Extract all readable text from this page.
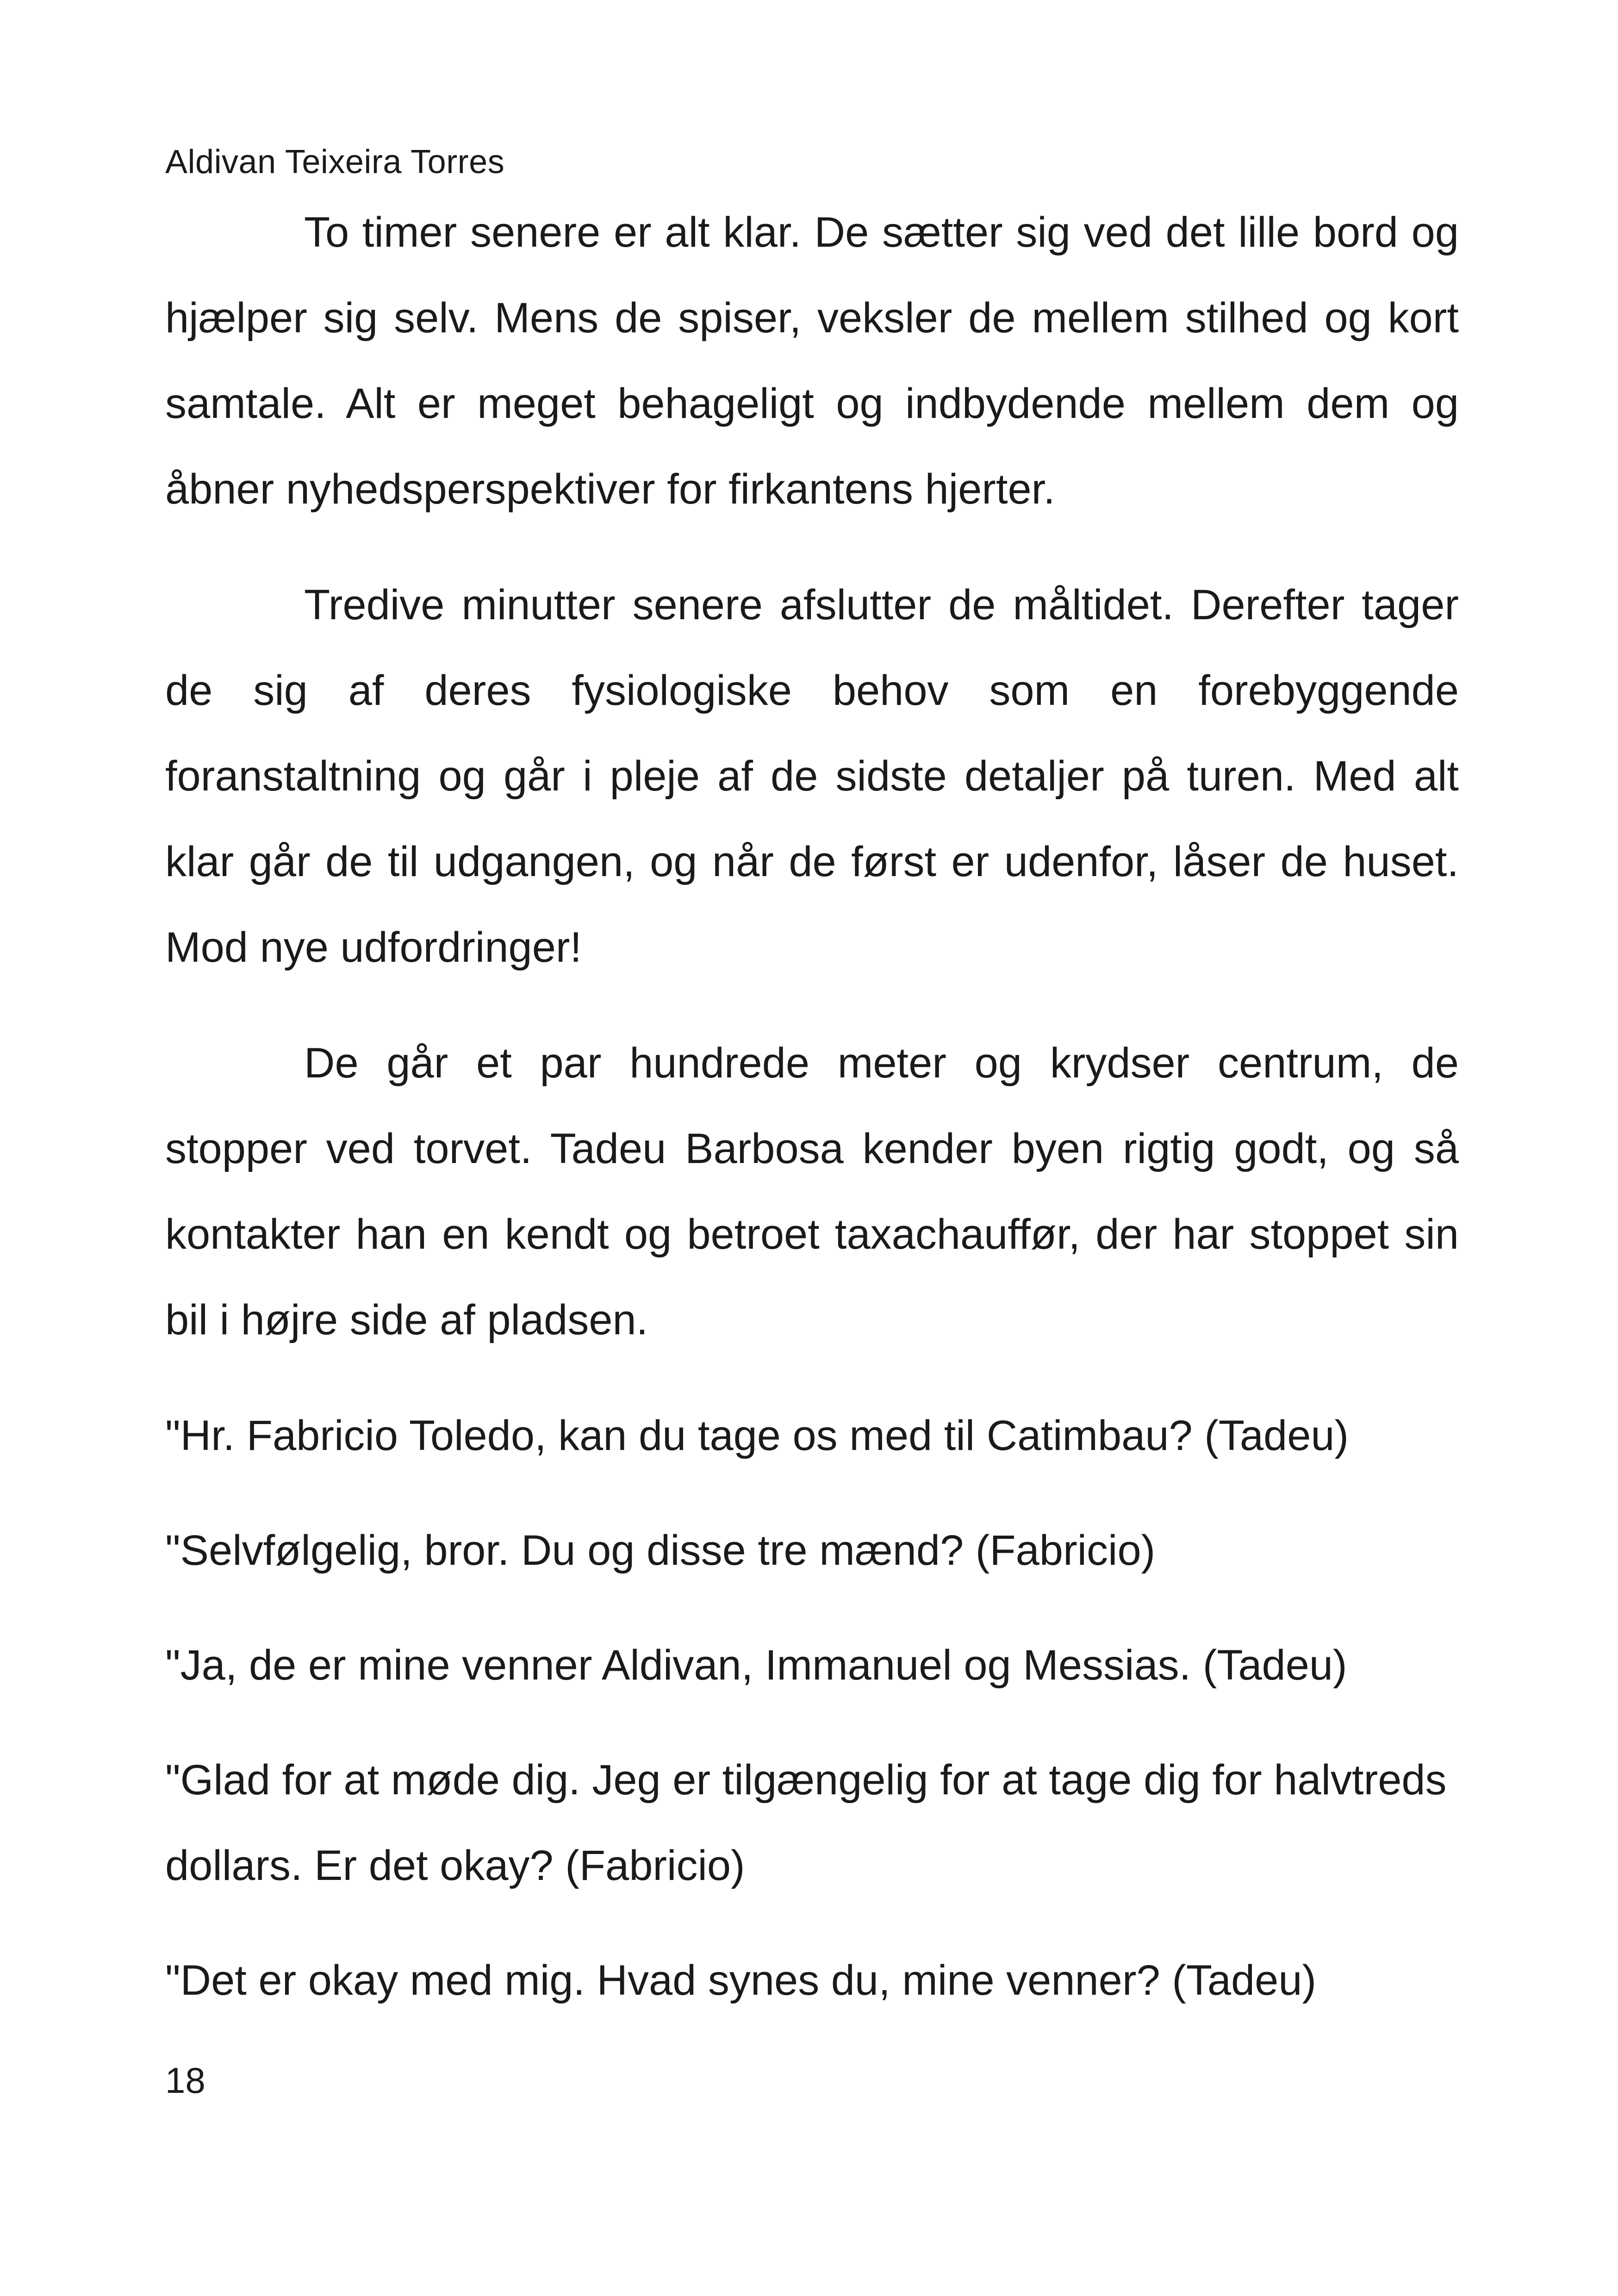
Aldivan Teixeira Torres

To timer senere er alt klar. De sætter sig ved det lille bord og hjælper sig selv. Mens de spiser, veksler de mellem stilhed og kort samtale. Alt er meget behageligt og indbydende mellem dem og åbner nyhedsperspektiver for firkantens hjerter.

Tredive minutter senere afslutter de måltidet. Derefter tager de sig af deres fysiologiske behov som en forebyggende foranstaltning og går i pleje af de sidste detaljer på turen. Med alt klar går de til udgangen, og når de først er udenfor, låser de huset. Mod nye udfordringer!

De går et par hundrede meter og krydser centrum, de stopper ved torvet. Tadeu Barbosa kender byen rigtig godt, og så kontakter han en kendt og betroet taxachauffør, der har stoppet sin bil i højre side af pladsen.

"Hr. Fabricio Toledo, kan du tage os med til Catimbau? (Tadeu)

"Selvfølgelig, bror. Du og disse tre mænd? (Fabricio)

"Ja, de er mine venner Aldivan, Immanuel og Messias. (Tadeu)

"Glad for at møde dig. Jeg er tilgængelig for at tage dig for halvtreds dollars. Er det okay? (Fabricio)

"Det er okay med mig. Hvad synes du, mine venner? (Tadeu)

18
